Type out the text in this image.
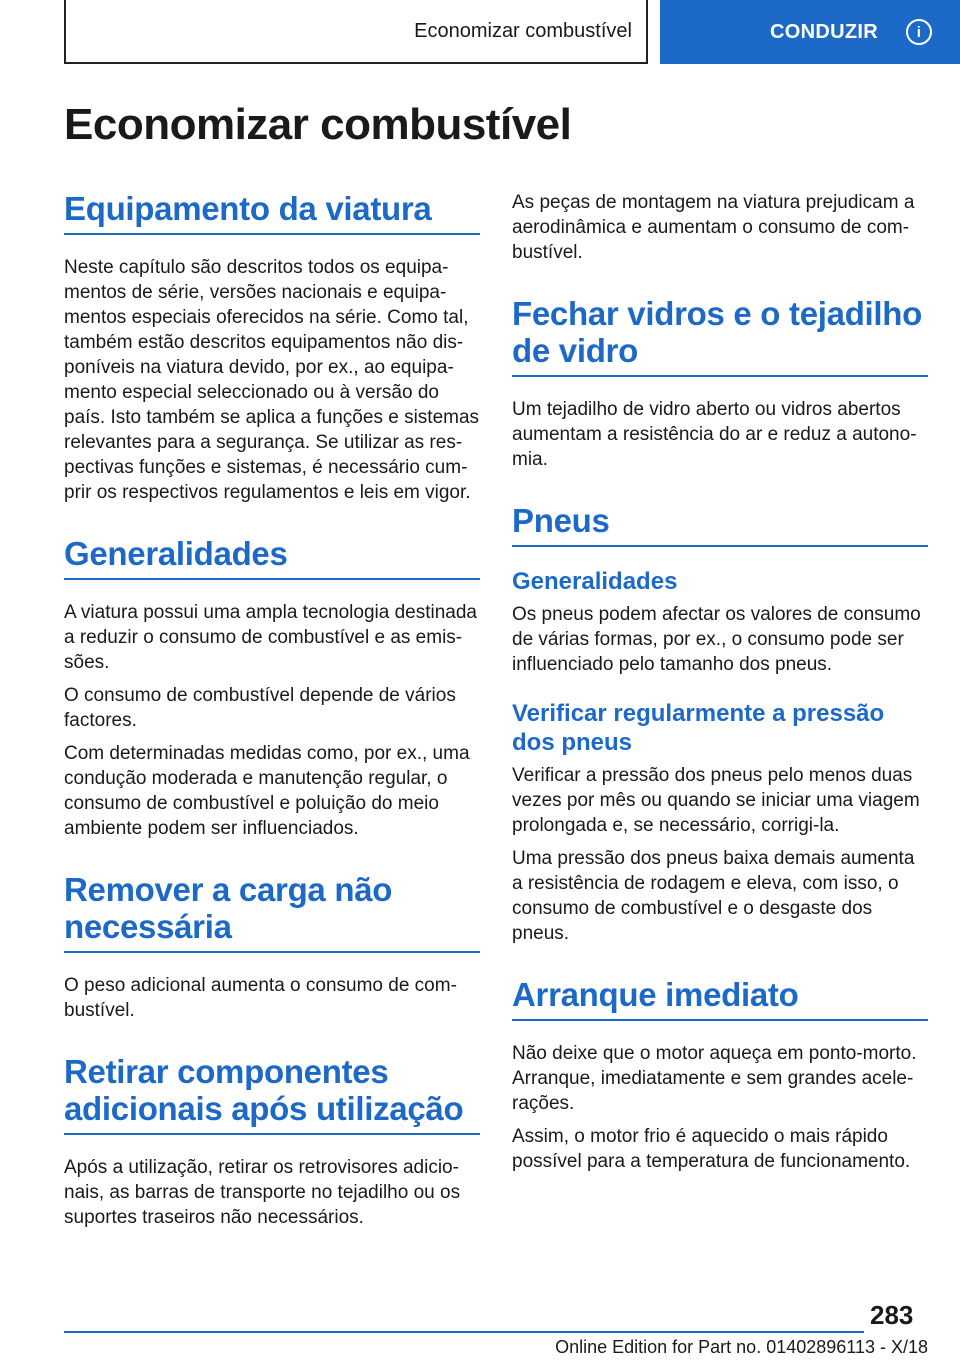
Economizar combustível	CONDUZIR	i
Economizar combustível
Equipamento da viatura

Neste capítulo são descritos todos os equipamentos de série, versões nacionais e equipamentos especiais oferecidos na série. Como tal, também estão descritos equipamentos não disponíveis na viatura devido, por ex., ao equipamento especial seleccionado ou à versão do país. Isto também se aplica a funções e sistemas relevantes para a segurança. Se utilizar as respectivas funções e sistemas, é necessário cumprir os respectivos regulamentos e leis em vigor.

Generalidades

A viatura possui uma ampla tecnologia destinada a reduzir o consumo de combustível e as emissões.

O consumo de combustível depende de vários factores.

Com determinadas medidas como, por ex., uma condução moderada e manutenção regular, o consumo de combustível e poluição do meio ambiente podem ser influenciados.

Remover a carga não necessária

O peso adicional aumenta o consumo de combustível.

Retirar componentes adicionais após utilização

Após a utilização, retirar os retrovisores adicionais, as barras de transporte no tejadilho ou os suportes traseiros não necessários.

As peças de montagem na viatura prejudicam a aerodinâmica e aumentam o consumo de combustível.

Fechar vidros e o tejadilho de vidro

Um tejadilho de vidro aberto ou vidros abertos aumentam a resistência do ar e reduz a autonomia.

Pneus
Generalidades

Os pneus podem afectar os valores de consumo de várias formas, por ex., o consumo pode ser influenciado pelo tamanho dos pneus.

Verificar regularmente a pressão dos pneus

Verificar a pressão dos pneus pelo menos duas vezes por mês ou quando se iniciar uma viagem prolongada e, se necessário, corrigi-la.

Uma pressão dos pneus baixa demais aumenta a resistência de rodagem e eleva, com isso, o consumo de combustível e o desgaste dos pneus.

Arranque imediato

Não deixe que o motor aqueça em ponto-morto. Arranque, imediatamente e sem grandes acelerações.

Assim, o motor frio é aquecido o mais rápido possível para a temperatura de funcionamento.

283
Online Edition for Part no. 01402896113 - X/18
